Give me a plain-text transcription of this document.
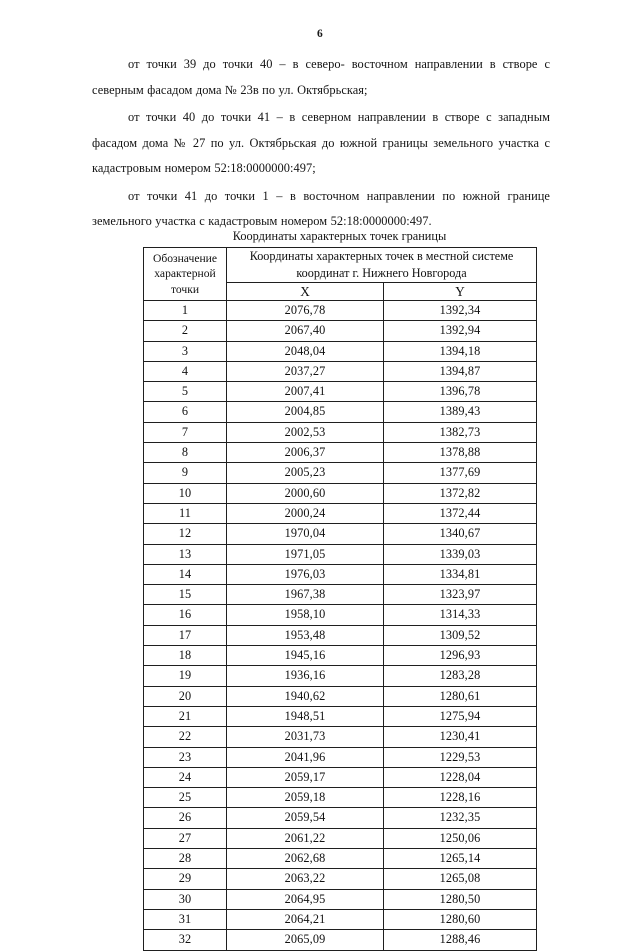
6

от точки 39 до точки 40 – в северо- восточном направлении в створе с северным фасадом дома № 23в по ул. Октябрьская;

от точки 40 до точки 41 – в северном направлении в створе с западным фасадом дома № 27 по ул. Октябрьская до южной границы земельного участка с кадастровым номером 52:18:0000000:497;

от точки 41 до точки 1 – в восточном направлении по южной границе земельного участка с кадастровым номером 52:18:0000000:497.

Координаты характерных точек границы
Обозначение характерной точки	Координаты характерных точек в местной системе координат г. Нижнего Новгорода	
	X	Y
1	2076,78	1392,34
2	2067,40	1392,94
3	2048,04	1394,18
4	2037,27	1394,87
5	2007,41	1396,78
6	2004,85	1389,43
7	2002,53	1382,73
8	2006,37	1378,88
9	2005,23	1377,69
10	2000,60	1372,82
11	2000,24	1372,44
12	1970,04	1340,67
13	1971,05	1339,03
14	1976,03	1334,81
15	1967,38	1323,97
16	1958,10	1314,33
17	1953,48	1309,52
18	1945,16	1296,93
19	1936,16	1283,28
20	1940,62	1280,61
21	1948,51	1275,94
22	2031,73	1230,41
23	2041,96	1229,53
24	2059,17	1228,04
25	2059,18	1228,16
26	2059,54	1232,35
27	2061,22	1250,06
28	2062,68	1265,14
29	2063,22	1265,08
30	2064,95	1280,50
31	2064,21	1280,60
32	2065,09	1288,46
